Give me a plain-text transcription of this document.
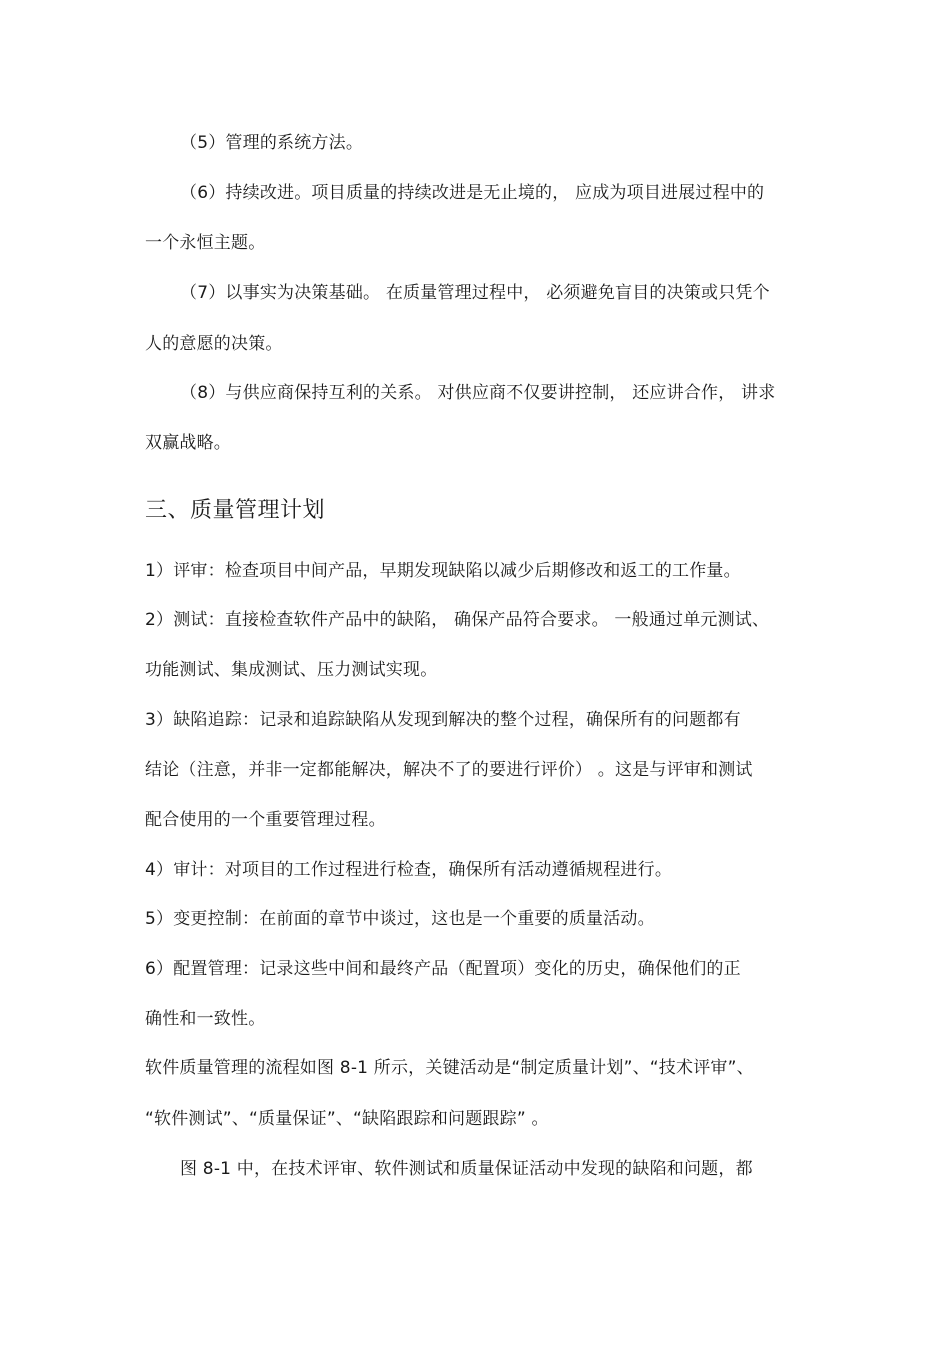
（5）管理的系统方法。
（6）持续改进。项目质量的持续改进是无止境的， 应成为项目进展过程中的
一个永恒主题。
（7）以事实为决策基础。 在质量管理过程中， 必须避免盲目的决策或只凭个
人的意愿的决策。
（8）与供应商保持互利的关系。 对供应商不仅要讲控制， 还应讲合作， 讲求
双赢战略。
三、质量管理计划
1）评审：检查项目中间产品，早期发现缺陷以减少后期修改和返工的工作量。
2）测试：直接检查软件产品中的缺陷， 确保产品符合要求。 一般通过单元测试、
功能测试、集成测试、压力测试实现。
3）缺陷追踪：记录和追踪缺陷从发现到解决的整个过程，确保所有的问题都有
结论（注意，并非一定都能解决，解决不了的要进行评价） 。这是与评审和测试
配合使用的一个重要管理过程。
4）审计：对项目的工作过程进行检查，确保所有活动遵循规程进行。
5）变更控制：在前面的章节中谈过，这也是一个重要的质量活动。
6）配置管理：记录这些中间和最终产品（配置项）变化的历史，确保他们的正
确性和一致性。
软件质量管理的流程如图 8-1 所示，关键活动是“制定质量计划”、“技术评审”、
“软件测试”、“质量保证”、“缺陷跟踪和问题跟踪” 。
图 8-1 中，在技术评审、软件测试和质量保证活动中发现的缺陷和问题，都
